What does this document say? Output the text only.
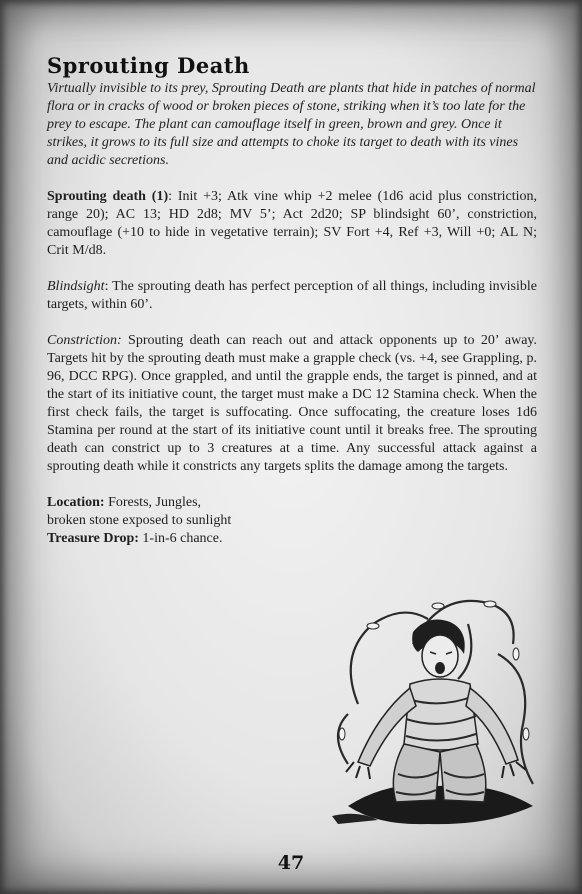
Sprouting Death

Virtually invisible to its prey, Sprouting Death are plants that hide in patches of normal flora or in cracks of wood or broken pieces of stone, striking when it’s too late for the prey to escape. The plant can camouflage itself in green, brown and grey. Once it strikes, it grows to its full size and attempts to choke its target to death with its vines and acidic secretions.

Sprouting death (1): Init +3; Atk vine whip +2 melee (1d6 acid plus constriction, range 20); AC 13; HD 2d8; MV 5’; Act 2d20; SP blindsight 60’, constriction, camouflage (+10 to hide in vegetative terrain); SV Fort +4, Ref +3, Will +0; AL N; Crit M/d8.

Blindsight: The sprouting death has perfect perception of all things, including invisible targets, within 60’.

Constriction: Sprouting death can reach out and attack opponents up to 20’ away. Targets hit by the sprouting death must make a grapple check (vs. +4, see Grappling, p. 96, DCC RPG). Once grappled, and until the grapple ends, the target is pinned, and at the start of its initiative count, the target must make a DC 12 Stamina check. When the first check fails, the target is suffocating. Once suffocating, the creature loses 1d6 Stamina per round at the start of its initiative count until it breaks free. The sprouting death can constrict up to 3 creatures at a time. Any successful attack against a sprouting death while it constricts any targets splits the damage among the targets.

Location: Forests, Jungles,

broken stone exposed to sunlight

Treasure Drop: 1-in-6 chance.

47
